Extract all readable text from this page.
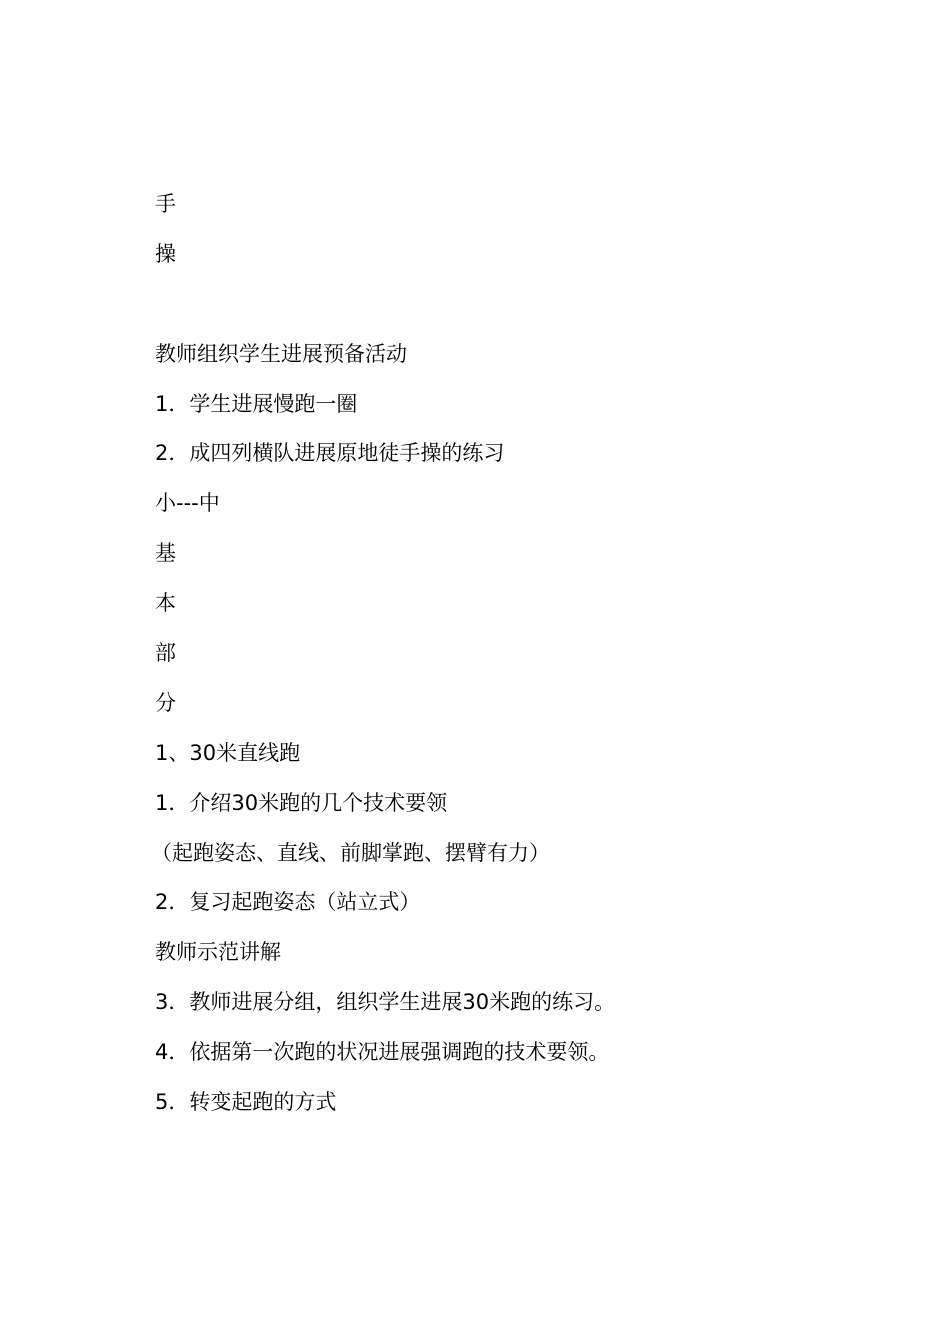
手
操
教师组织学生进展预备活动
1．学生进展慢跑一圈
2．成四列横队进展原地徒手操的练习
小---中
基
本
部
分
1、30米直线跑
1．介绍30米跑的几个技术要领
（起跑姿态、直线、前脚掌跑、摆臂有力）
2．复习起跑姿态（站立式）
教师示范讲解
3．教师进展分组，组织学生进展30米跑的练习。
4．依据第一次跑的状况进展强调跑的技术要领。
5．转变起跑的方式
